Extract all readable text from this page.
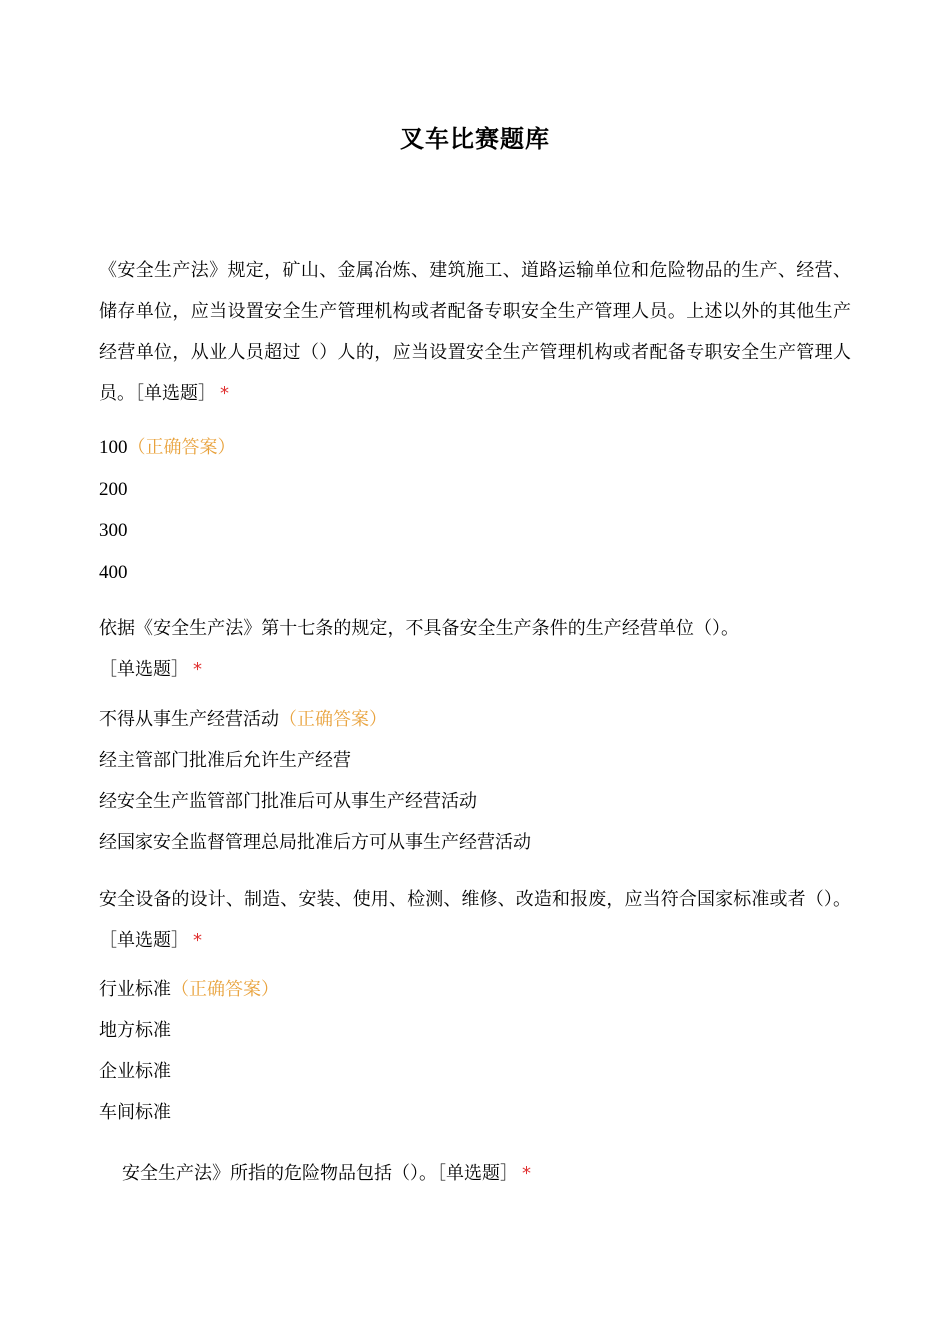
叉车比赛题库
《安全生产法》规定，矿山、金属冶炼、建筑施工、道路运输单位和危险物品的生产、经营、储存单位，应当设置安全生产管理机构或者配备专职安全生产管理人员。上述以外的其他生产经营单位，从业人员超过（）人的，应当设置安全生产管理机构或者配备专职安全生产管理人员。［单选题］ *
100（正确答案）
200
300
400
依据《安全生产法》第十七条的规定，不具备安全生产条件的生产经营单位（）。［单选题］ *
不得从事生产经营活动（正确答案）
经主管部门批准后允许生产经营
经安全生产监管部门批准后可从事生产经营活动
经国家安全监督管理总局批准后方可从事生产经营活动
安全设备的设计、制造、安装、使用、检测、维修、改造和报废，应当符合国家标准或者（）。［单选题］ *
行业标准（正确答案）
地方标准
企业标准
车间标准
安全生产法》所指的危险物品包括（）。［单选题］ *
